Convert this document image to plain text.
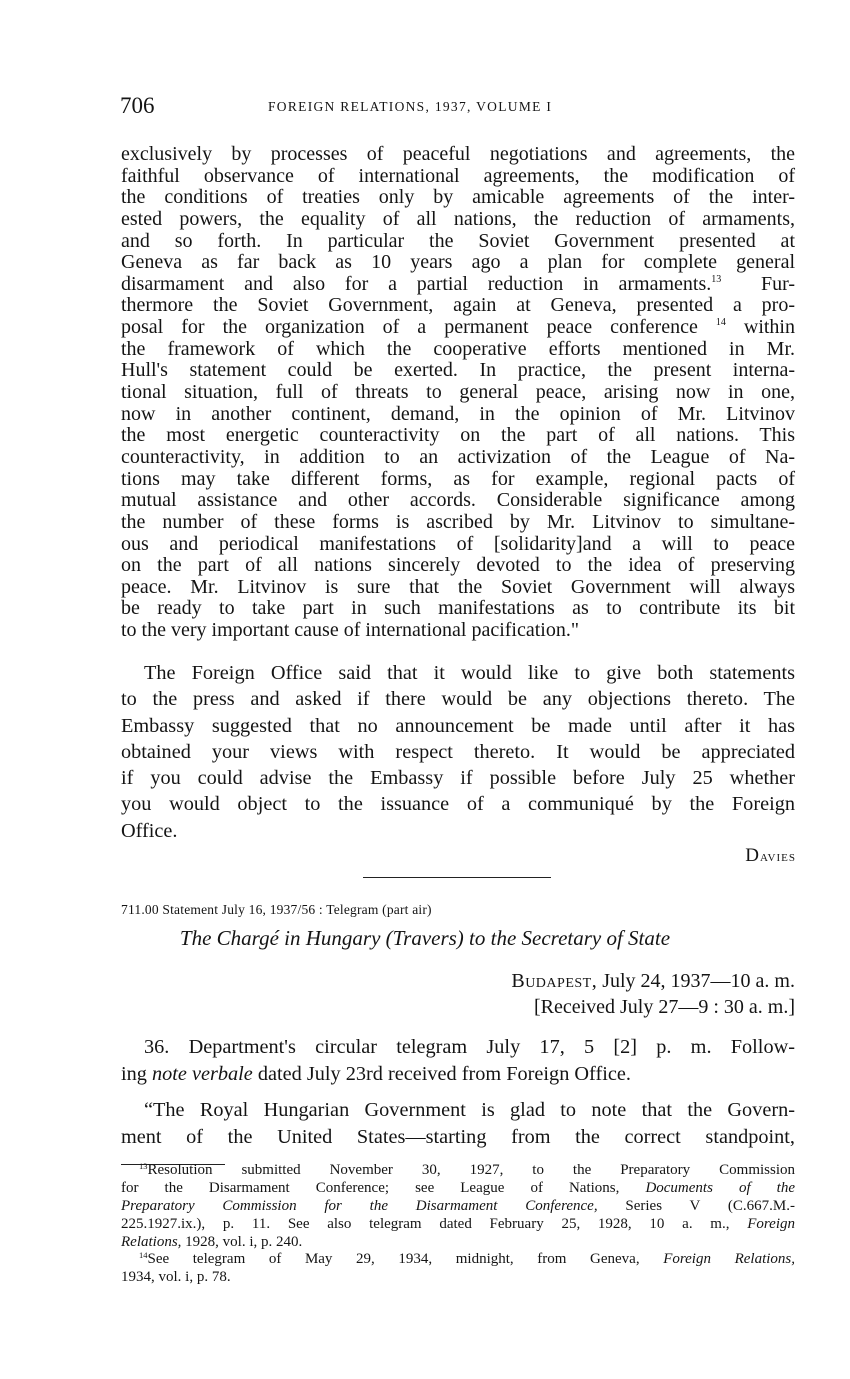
706	FOREIGN RELATIONS, 1937, VOLUME I
exclusively by processes of peaceful negotiations and agreements, the
faithful observance of international agreements, the modification of
the conditions of treaties only by amicable agreements of the inter-
ested powers, the equality of all nations, the reduction of armaments,
and so forth. In particular the Soviet Government presented at
Geneva as far back as 10 years ago a plan for complete general
disarmament and also for a partial reduction in armaments.$^{13}$ Fur-
thermore the Soviet Government, again at Geneva, presented a pro-
posal for the organization of a permanent peace conference $^{14}$ within
the framework of which the cooperative efforts mentioned in Mr.
Hull's statement could be exerted. In practice, the present interna-
tional situation, full of threats to general peace, arising now in one,
now in another continent, demand, in the opinion of Mr. Litvinov
the most energetic counteractivity on the part of all nations. This
counteractivity, in addition to an activization of the League of Na-
tions may take different forms, as for example, regional pacts of
mutual assistance and other accords. Considerable significance among
the number of these forms is ascribed by Mr. Litvinov to simultane-
ous and periodical manifestations of [solidarity]and a will to peace
on the part of all nations sincerely devoted to the idea of preserving
peace. Mr. Litvinov is sure that the Soviet Government will always
be ready to take part in such manifestations as to contribute its bit
to the very important cause of international pacification."
The Foreign Office said that it would like to give both statements
to the press and asked if there would be any objections thereto. The
Embassy suggested that no announcement be made until after it has
obtained your views with respect thereto. It would be appreciated
if you could advise the Embassy if possible before July 25 whether
you would object to the issuance of a communiqué by the Foreign
Office.
Davies
711.00 Statement July 16, 1937/56 : Telegram (part air)
The Chargé in Hungary (Travers) to the Secretary of State
Budapest, July 24, 1937—10 a. m.
[Received July 27—9 : 30 a. m.]
36. Department's circular telegram July 17, 5 [2] p. m. Follow-
ing note verbale dated July 23rd received from Foreign Office.
“The Royal Hungarian Government is glad to note that the Govern-
ment of the United States—starting from the correct standpoint,
$^{13}$Resolution submitted November 30, 1927, to the Preparatory Commission
for the Disarmament Conference; see League of Nations, Documents of the
Preparatory Commission for the Disarmament Conference, Series V (C.667.M.-
225.1927.ix.), p. 11. See also telegram dated February 25, 1928, 10 a. m., Foreign
Relations, 1928, vol. i, p. 240.
$^{14}$See telegram of May 29, 1934, midnight, from Geneva, Foreign Relations,
1934, vol. i, p. 78.
